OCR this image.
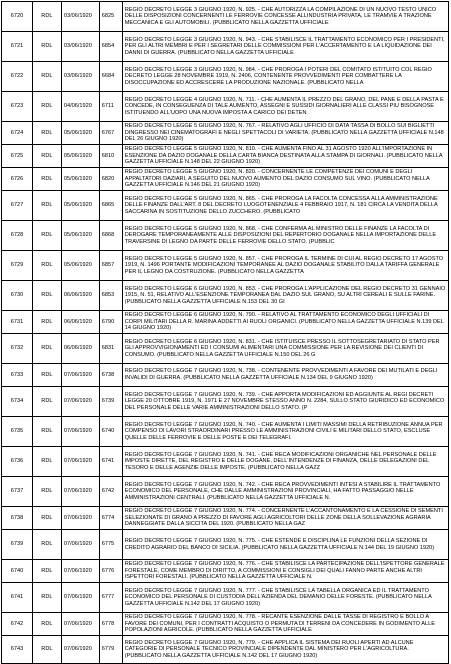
6720	RDL 03/06/1920 6825
REGIO DECRETO LEGGE 3 GIUGNO 1920, N. 925. - CHE AUTORIZZA LA COMPILAZIONE DI UN NUOVO TESTO UNICO DELLE DISPOSIZIONI CONCERNENTI LE FERROVIE CONCESSE ALLINDUSTRIA PRIVATA, LE TRAMVIE A TRAZIONE MECCANICA E GLI AUTOMOBILI. (PUBBLICATO NELLA GAZZETTA UFFICIALE
6721	RDL 03/06/1920 6854
REGIO DECRETO LEGGE 3 GIUGNO 1920, N. 943. - CHE STABILISCE IL TRATTAMENTO ECONOMICO PER I PRESIDENTI, PER GLI ALTRI MEMBRI E PER I SEGRETARI DELLE COMMISSIONI PER L'ACCERTAMENTO E LA LIQUIDAZIONE DEI DANNI DI GUERRA. (PUBBLICATO NELLA GAZZETTA UFFICIALE
6722	RDL 03/06/1920 6684
REGIO DECRETO LEGGE 3 GIUGNO 1920, N. 984. - CHE PROROGA I POTERI DEL COMITATO ISTITUITO COL REGIO DECRETO LEGGE 28 NOVEMBRE 1919, N. 2406, CONTENENTE PROVVEDIMENTI PER COMBATTERE LA DISOCCUPAZIONE ED ACCRESCERE LA PRODUZIONE NAZIONALE. (PUBBLICATO NELLA
6723	RDL 04/06/1920 6711
REGIO DECRETO LEGGE 4 GIUGNO 1920, N. 711. - CHE AUMENTA IL PREZZO DEL GRANO, DEL PANE E DELLA PASTA E CONCEDE, IN CONSEGUENZA DI TALE AUMENTO, ASSEGNI E SUSSIDI GIORNALIERI ALLE CLASSI PIU BISOGNOSE ISTITUENDO ALL'UOPO UNA NUOVA IMPOSTA A CARICO DEI DETEN
6724	RDL 05/06/1920 6767
REGIO DECRETO LEGGE 5 GIUGNO 1920, N. 767. - RELATIVO AGLI UFFICIO DI DATA TASSA DI BOLLO SUI BIGLIETTI DINGRESSO NEI CINEMATOGRAFI E NEGLI SPETTACOLI DI VARIETA. (PUBBLICATO NELLA GAZZETTA UFFICIALE N.148 DEL 26 GIUGNO 1920)
6725	RDL 05/06/1920 6810
REGIO DECRETO LEGGE 5 GIUGNO 1920, N. 810. - CHE AUMENTA FINO AL 31 AGOSTO 1920 ALL'IMPORTAZIONE IN ESENZIONE DA DAZIO DOGANALE DELLA CARTA BIANCA DESTINATA ALLA STAMPA DI GIORNALI. (PUBBLICATO NELLA GAZZETTA UFFICIALE N.148 DEL 22 GIUGNO 1920)
6726	RDL 05/06/1920 6820
REGIO DECRETO LEGGE 5 GIUGNO 1920, N. 820. - CONCERNENTE LE COMPETENZE DEI COMUNI E DEGLI APPALTATORI DAZIARI, A SEGUITO DEL NUOVO AUMENTO DEL DAZIO CONSUMO SUL VINO. (PUBBLICATO NELLA GAZZETTA UFFICIALE N.146 DEL 21 GIUGNO 1920)
6727	RDL 05/06/1920 6865
REGIO DECRETO LEGGE 5 GIUGNO 1920, N. 865. - CHE PROROGA LA FACOLTA CONCESSA ALLA AMMINISTRAZIONE DELLE FINANZE DALL'ART. 8 DEL DECRETO LUOGOTENENZIALE 4 FEBBRAIO 1917, N. 181 CIRCA LA VENDITA DELLA SACCARINA IN SOSTITUZIONE DELLO ZUCCHERO. (PUBBLICATO
6728	RDL 05/06/1920 6868
REGIO DECRETO LEGGE 5 GIUGNO 1920, N. 868. - CHE CONFERMA AL MINISTRO DELLE FINANZE LA FACOLTA DI DEROGARE TEMPORANEAMENTE ALLE DISPOSIZIONI DEL REPERTORIO DOGANALE NELLA IMPORTAZIONE DELLE TRAVERSINE DI LEGNO DA PARTE DELLE FERROVIE DELLO STATO. (PUBBLIC
6729	RDL 05/06/1920 6857
REGIO DECRETO LEGGE 5 GIUGNO 1920, N. 857. - CHE PROROGA IL TERMINE DI CUI AL REGIO DECRETO 17 AGOSTO 1919, N. 1496 PORTANTE MODIFICAZIONI TEMPORANEE AL DAZIO DOGANALE STABILITO DALLA TARIFFA GENERALE PER IL LEGNO DA COSTRUZIONE. (PUBBLICATO NELLA GAZZETTA
6730	RDL 06/06/1920 6853
REGIO DECRETO LEGGE 6 GIUGNO 1920, N. 853. - CHE PROROGA L'APPLICAZIONE DEL REGIO DECRETO 31 GENNAIO 1915, N. 51, RELATIVO ALL'ESENZIONE TEMPORANEA DAL DAZIO SUL GRANO, SU ALTRI CEREALI E SULLE FARINE. (PUBBLICATO NELLA GAZZETTA UFFICIALE N.153 DEL 30 GI
6731	RDL 06/06/1920 6790
REGIO DECRETO LEGGE 6 GIUGNO 1920, N. 790. - RELATIVO AL TRATTAMENTO ECONOMICO DEGLI UFFICIALI DI CORPI MILITARI DELLA R. MARINA ADDETTI AI RUOLI ORGANICI. (PUBBLICATO NELLA GAZZETTA UFFICIALE N.139 DEL 14 GIUGNO 1920)
6732	RDL 06/06/1920 6831
REGIO DECRETO LEGGE 6 GIUGNO 1920, N. 831. - CHE ISTITUISCE PRESSO IL SOTTOSEGRETARIATO DI STATO PER GLI APPROVVIGIONAMENTI ED I CONSUMI ALIMENTARI UNA COMMISSIONE PER LA REVISIONE DEI CLIENTI DI CONSUMO. (PUBBLICATO NELLA GAZZETTA UFFICIALE N.150 DEL 26 G
6733	RDL 07/06/1920 6738
REGIO DECRETO LEGGE 7 GIUGNO 1920, N. 738. - CONTENENTE PROVVEDIMENTI A FAVORE DEI MUTILATI E DEGLI INVALIDI DI GUERRA. (PUBBLICATO NELLA GAZZETTA UFFICIALE N.134 DEL 9 GIUGNO 1920)
6734	RDL 07/06/1920 6739
REGIO DECRETO LEGGE 7 GIUGNO 1920, N. 739. - CHE APPORTA MODIFICAZIONI ED AGGIUNTE AL REGI DECRETI LEGGE 20 OTTOBRE 1919, N. 1971 E 27 NOVEMBRE STESSO ANNO N. 2284, SULLO STATO GIURIDICO ED ECONOMICO DEL PERSONALE DELLE VARIE AMMINISTRAZIONI DELLO STATO. (P
6735	RDL 07/06/1920 6740
REGIO DECRETO LEGGE 7 GIUGNO 1920, N. 740. - CHE AUMENTA I LIMITI MASSIMI DELLA RETRIBUZIONE ANNUA PER COMPENSO DI LAVORI STRAORDINARI PRESSO LE AMMINISTRAZIONI CIVILI E MILITARI DELLO STATO, ESCLUSE QUELLE DELLE FERROVIE E DELLE POSTE E DEI TELEGRAFI.
6736	RDL 07/06/1920 6741
REGIO DECRETO LEGGE 7 GIUGNO 1920, N. 741. - CHE RECA MODIFICAZIONI ORGANICHE NEL PERSONALE DELLE IMPOSTE DIRETTE, DEL REGISTRO E DELLE DOGANE, DELL'INTENDENZE DI FINANZA, DELLE DELEGAZIONI DEL TESORO E DELLE AGENZIE DELLE IMPOSTE. (PUBBLICATO NELLA GAZZ
6737	RDL 07/06/1920 6742
REGIO DECRETO LEGGE 7 GIUGNO 1920, N. 742. - CHE RECA PROVVEDIMENTI INTESI A STABILIRE IL TRATTAMENTO ECONOMICO DEL PERSONALE, CHE DALLE AMMINISTRAZIONI PROVINCIALI, HA FATTO PASSAGGIO NELLE AMMINISTRAZIONI CENTRALI. (PUBBLICATO NELLA GAZZETTA UFFICIALE N.
6738	RDL 07/06/1920 6774
REGIO DECRETO LEGGE 7 GIUGNO 1920, N. 774. - CONCERNENTE L'ACCANTONAMENTO E LA CESSIONE DI SEMENTI SELEZIONATE DI GRANO A PREZZO DI FAVORE AGLI AGRICOLTORI DELLE ZONE DELLA SOLLEVAZIONE AGRARIA DANNEGGIATE DALLA SICCITA DEL 1920. (PUBBLICATO NELLA GAZ
6739	RDL 07/06/1920 6775
REGIO DECRETO LEGGE 7 GIUGNO 1920, N. 775. - CHE ESTENDE E DISCIPLINA LE FUNZIONI DELLA SEZIONE DI CREDITO AGRARIO DEL BANCO DI SICILIA. (PUBBLICATO NELLA GAZZETTA UFFICIALE N.144 DEL 19 GIUGNO 1920)
6740	RDL 07/06/1920 6776
REGIO DECRETO LEGGE 7 GIUGNO 1920, N. 776. - CHE STABILISCE LA PARTECIPAZIONE DELL'ISPETTORE GENERALE FORESTALE, COME MEMBRO DI DIRITTO, A COMMISSIONI E CONSIGLI DEI QUALI FANNO PARTE ANCHE ALTRI ISPETTORI FORESTALI. (PUBBLICATO NELLA GAZZETTA UFFICIALE N.
6741	RDL 07/06/1920 6777
REGIO DECRETO LEGGE 7 GIUGNO 1920, N. 777. - CHE STABILISCE LA TABELLA ORGANICA ED IL TRATTAMENTO ECONOMICO DEL PERSONALE DI CUSTODIA DELL'AZIENDA DEL DEMANIO DELLE FORESTE. (PUBBLICATO NELLA GAZZETTA UFFICIALE N.142 DEL 17 GIUGNO 1920)
6742	RDL 07/06/1920 6778
REGIO DECRETO LEGGE 7 GIUGNO 1920, N. 778. - RECANTE ESENZIONE DALLE TASSE DI REGISTRO E BOLLO A FAVORE DEI COMUNI, PER I CONTRATTI ACQUISTO O PERMUTA DI TERRENI DA CONCEDERE IN GODIMENTO ALLE POPOLAZIONI AGRICOLE. (PUBBLICATO NELLA GAZZETTA UFFICIALE
6743	RDL 07/06/1920 6779
REGIO DECRETO LEGGE 7 GIUGNO 1920, N. 779. - CHE APPLICA IL SISTEMA DEI RUOLI APERTI AD ALCUNE CATEGORIE DI PERSONALE TECNICO PROVINCIALE DIPENDENTE DAL MINISTERO PER L'AGRICOLTURA. (PUBBLICATO NELLA GAZZETTA UFFICIALE N.142 DEL 17 GIUGNO 1920)
